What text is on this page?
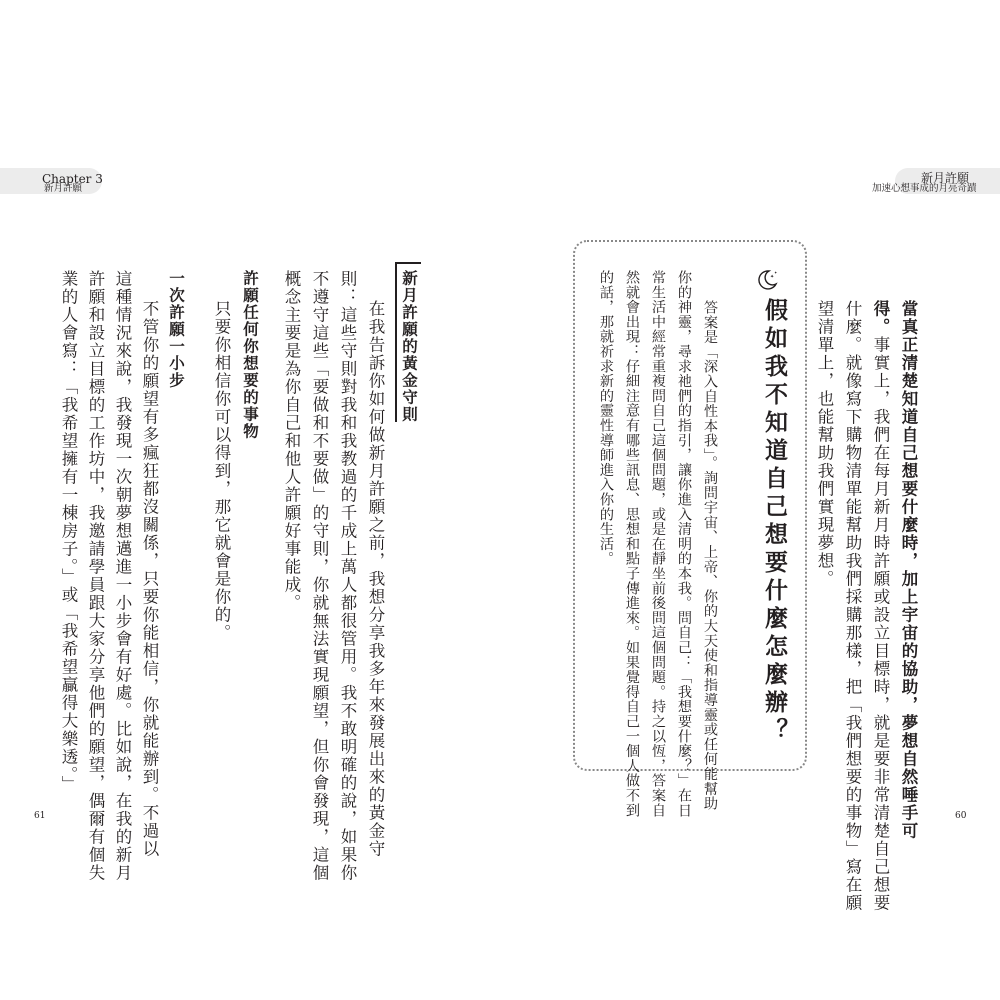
Chapter 3
新月許願
新月許願
加速心想事成的月亮奇蹟
當真正清楚知道自己想要什麼時，加上宇宙的協助，夢想自然唾手可
得。事實上，我們在每月新月時許願或設立目標時，就是要非常清楚自己想要
什麼。就像寫下購物清單能幫助我們採購那樣，把「我們想要的事物」寫在願
望清單上，也能幫助我們實現夢想。
✦
✦
假如我不知道自己想要什麼怎麼辦？
答案是「深入自性本我」。詢問宇宙、上帝、你的大天使和指導靈或任何能幫助
你的神靈，尋求祂們的指引，讓你進入清明的本我。問自己：「我想要什麼？」在日
常生活中經常重複問自己這個問題，或是在靜坐前後問這個問題。持之以恆，答案自
然就會出現：仔細注意有哪些訊息、思想和點子傳進來。如果覺得自己一個人做不到
的話，那就祈求新的靈性導師進入你的生活。
新月許願的黃金守則
在我告訴你如何做新月許願之前，我想分享我多年來發展出來的黃金守
則：這些守則對我和我教過的千成上萬人都很管用。我不敢明確的說，如果你
不遵守這些「要做和不要做」的守則，你就無法實現願望，但你會發現，這個
概念主要是為你自己和他人許願好事能成。
許願任何你想要的事物
只要你相信你可以得到，那它就會是你的。
一次許願一小步
不管你的願望有多瘋狂都沒關係，只要你能相信，你就能辦到。不過以
這種情況來說，我發現一次朝夢想邁進一小步會有好處。比如說，在我的新月
許願和設立目標的工作坊中，我邀請學員跟大家分享他們的願望，偶爾有個失
業的人會寫：「我希望擁有一棟房子。」或「我希望贏得大樂透。」
61	60
